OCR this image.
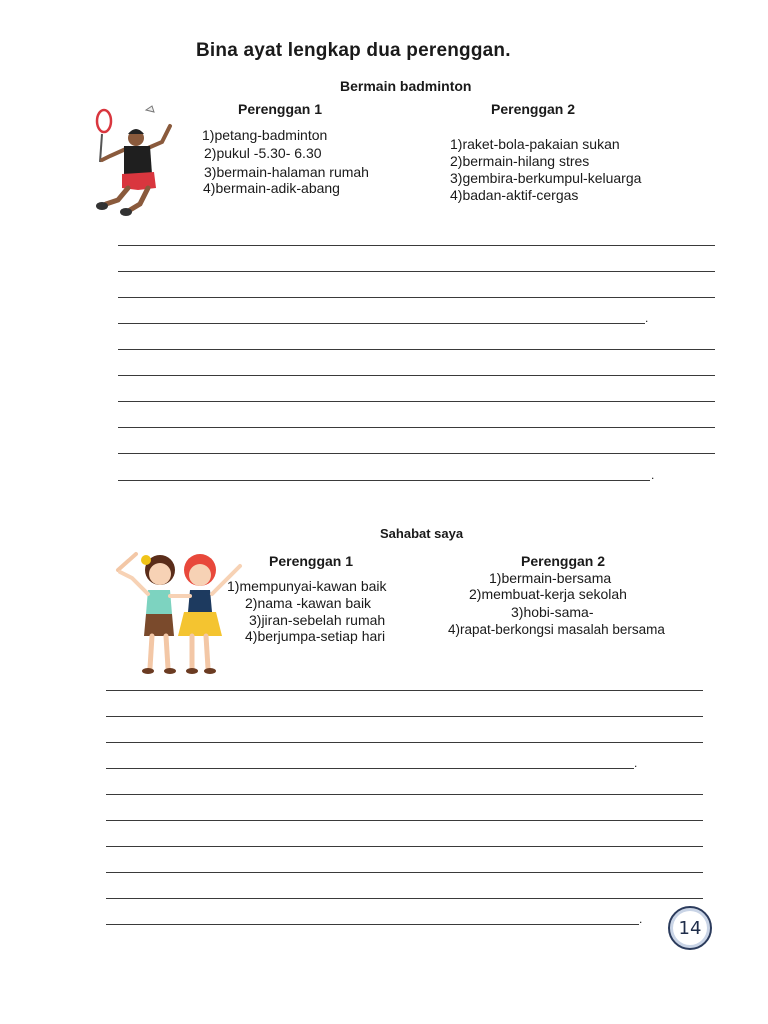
Bina ayat lengkap dua perenggan.
Bermain badminton
Perenggan 1	Perenggan 2
1)petang-badminton
2)pukul -5.30- 6.30
3)bermain-halaman rumah
4)bermain-adik-abang
1)raket-bola-pakaian sukan
2)bermain-hilang stres
3)gembira-berkumpul-keluarga
4)badan-aktif-cergas
.
.
Sahabat saya
Perenggan 1	Perenggan 2
1)mempunyai-kawan baik
2)nama -kawan baik
3)jiran-sebelah rumah
4)berjumpa-setiap hari
1)bermain-bersama
2)membuat-kerja sekolah
3)hobi-sama-
4)rapat-berkongsi masalah bersama
.
. 14
